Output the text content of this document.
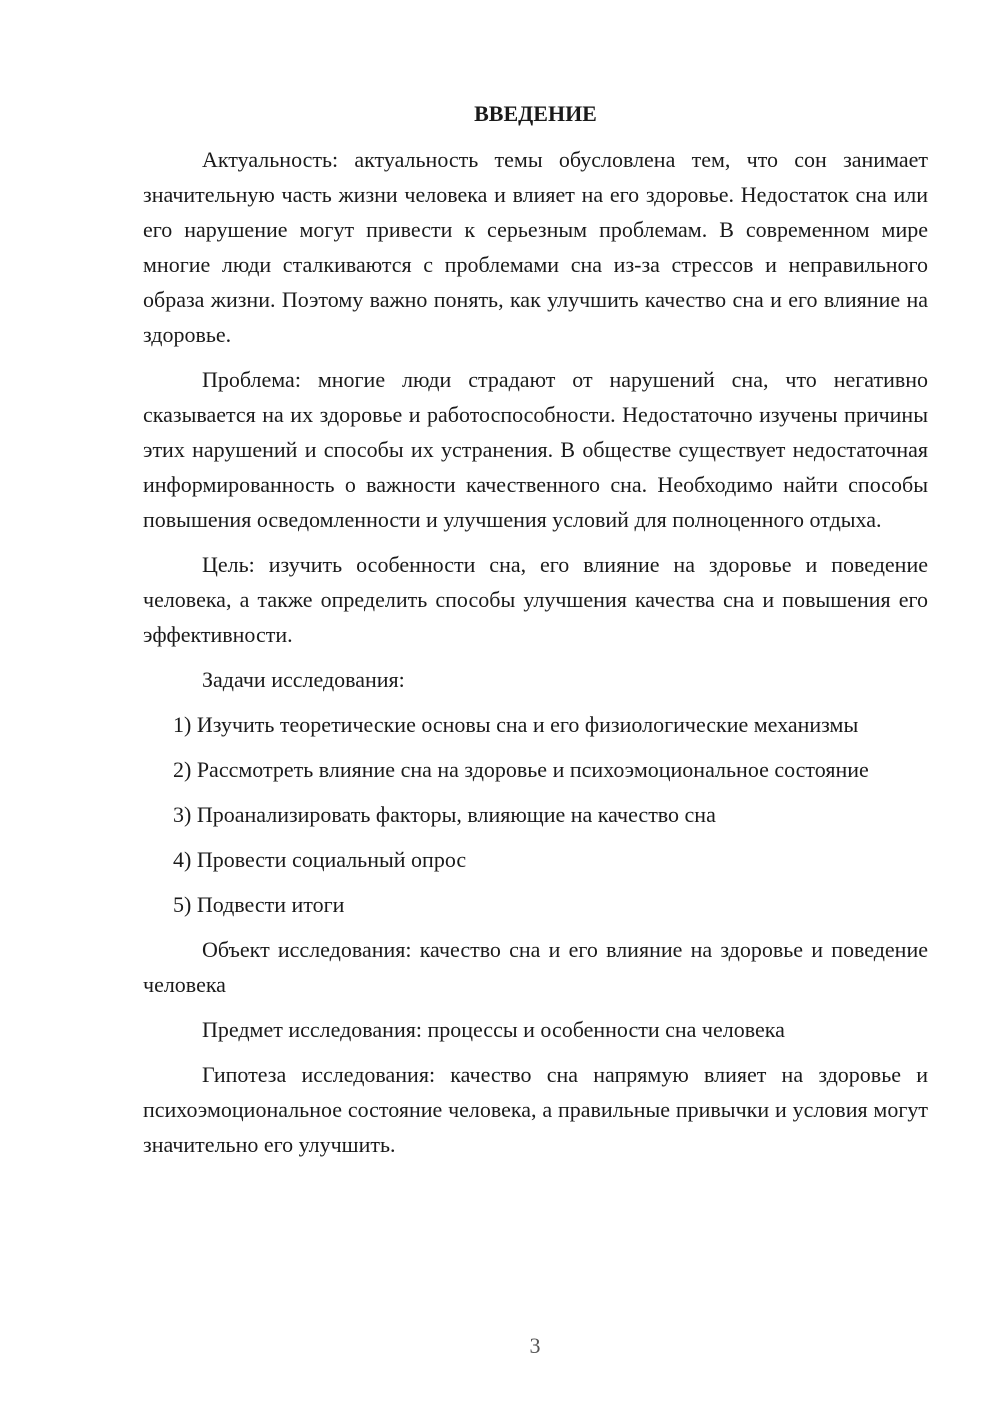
ВВЕДЕНИЕ

Актуальность: актуальность темы обусловлена тем, что сон занимает значительную часть жизни человека и влияет на его здоровье. Недостаток сна или его нарушение могут привести к серьезным проблемам. В современном мире многие люди сталкиваются с проблемами сна из-за стрессов и неправильного образа жизни. Поэтому важно понять, как улучшить качество сна и его влияние на здоровье.

Проблема: многие люди страдают от нарушений сна, что негативно сказывается на их здоровье и работоспособности. Недостаточно изучены причины этих нарушений и способы их устранения. В обществе существует недостаточная информированность о важности качественного сна. Необходимо найти способы повышения осведомленности и улучшения условий для полноценного отдыха.

Цель: изучить особенности сна, его влияние на здоровье и поведение человека, а также определить способы улучшения качества сна и повышения его эффективности.

Задачи исследования:

1) Изучить теоретические основы сна и его физиологические механизмы

2) Рассмотреть влияние сна на здоровье и психоэмоциональное состояние

3) Проанализировать факторы, влияющие на качество сна

4) Провести социальный опрос

5) Подвести итоги

Объект исследования: качество сна и его влияние на здоровье и поведение человека

Предмет исследования: процессы и особенности сна человека

Гипотеза исследования: качество сна напрямую влияет на здоровье и психоэмоциональное состояние человека, а правильные привычки и условия могут значительно его улучшить.

3
